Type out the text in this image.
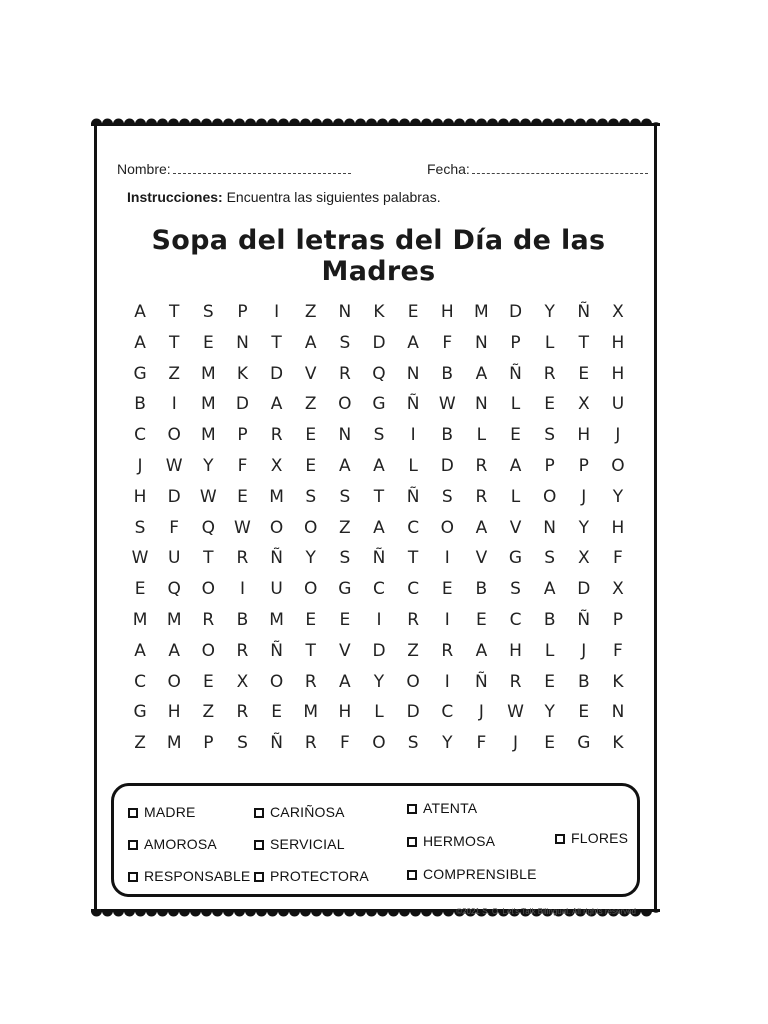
Nombre:	Fecha:
Instrucciones: Encuentra las siguientes palabras.
Sopa del letras del Día de las Madres
A	T	S	P	I	Z	N	K	E	H	M	D	Y	Ñ	X
A	T	E	N	T	A	S	D	A	F	N	P	L	T	H
G	Z	M	K	D	V	R	Q	N	B	A	Ñ	R	E	H
B	I	M	D	A	Z	O	G	Ñ	W	N	L	E	X	U
C	O	M	P	R	E	N	S	I	B	L	E	S	H	J
J	W	Y	F	X	E	A	A	L	D	R	A	P	P	O
H	D	W	E	M	S	S	T	Ñ	S	R	L	O	J	Y
S	F	Q	W	O	O	Z	A	C	O	A	V	N	Y	H
W	U	T	R	Ñ	Y	S	Ñ	T	I	V	G	S	X	F
E	Q	O	I	U	O	G	C	C	E	B	S	A	D	X
M	M	R	B	M	E	E	I	R	I	E	C	B	Ñ	P
A	A	O	R	Ñ	T	V	D	Z	R	A	H	L	J	F
C	O	E	X	O	R	A	Y	O	I	Ñ	R	E	B	K
G	H	Z	R	E	M	H	L	D	C	J	W	Y	E	N
Z	M	P	S	Ñ	R	F	O	S	Y	F	J	E	G	K
MADRE	CARIÑOSA	ATENTA
AMOROSA	SERVICIAL	HERMOSA	FLORES
RESPONSABLE	PROTECTORA	COMPRENSIBLE
©2021 S. O. Let's Talk Bilingual. All rights reserved
